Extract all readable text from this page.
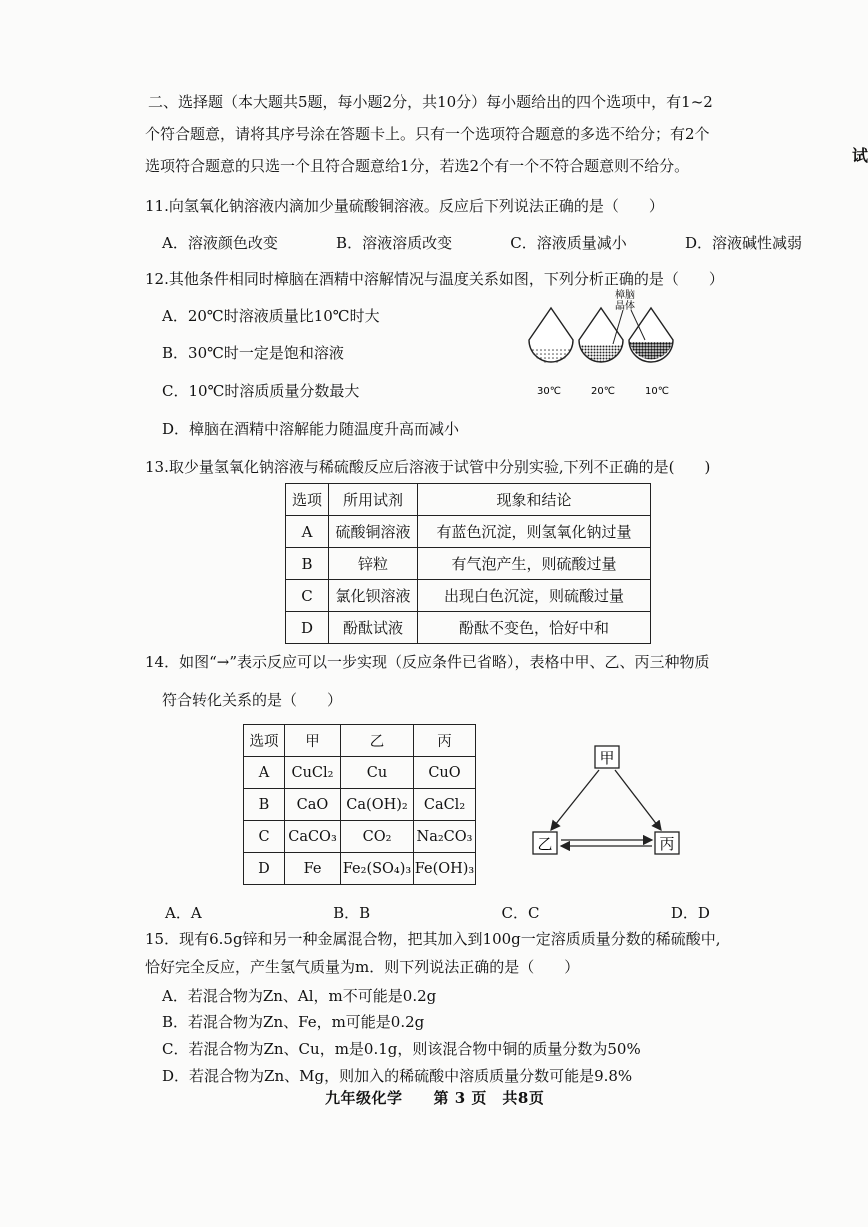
二、选择题（本大题共5题，每小题2分，共10分）每小题给出的四个选项中，有1~2
个符合题意，请将其序号涂在答题卡上。只有一个选项符合题意的多选不给分；有2个
选项符合题意的只选一个且符合题意给1分，若选2个有一个不符合题意则不给分。
试
11.向氢氧化钠溶液内滴加少量硫酸铜溶液。反应后下列说法正确的是（　　）
A．溶液颜色改变	B．溶液溶质改变	C．溶液质量减小	D．溶液碱性减弱
12.其他条件相同时樟脑在酒精中溶解情况与温度关系如图，下列分析正确的是（　　）
A．20℃时溶液质量比10℃时大
B．30℃时一定是饱和溶液
C．10℃时溶质质量分数最大
D．樟脑在酒精中溶解能力随温度升高而减小
樟脑
晶体
30℃	20℃	10℃
13.取少量氢氧化钠溶液与稀硫酸反应后溶液于试管中分别实验,下列不正确的是(　　)
选项	所用试剂	现象和结论
A	硫酸铜溶液	有蓝色沉淀，则氢氧化钠过量
B	锌粒	有气泡产生，则硫酸过量
C	氯化钡溶液	出现白色沉淀，则硫酸过量
D	酚酞试液	酚酞不变色，恰好中和
14．如图“→”表示反应可以一步实现（反应条件已省略），表格中甲、乙、丙三种物质
符合转化关系的是（　　）
选项	甲	乙	丙
A	CuCl₂	Cu	CuO
B	CaO	Ca(OH)₂	CaCl₂
C	CaCO₃	CO₂	Na₂CO₃
D	Fe	Fe₂(SO₄)₃	Fe(OH)₃
甲
乙	丙
A．A	B．B	C．C	D．D
15．现有6.5g锌和另一种金属混合物，把其加入到100g一定溶质质量分数的稀硫酸中,
恰好完全反应，产生氢气质量为m．则下列说法正确的是（　　）
A．若混合物为Zn、Al，m不可能是0.2g
B．若混合物为Zn、Fe，m可能是0.2g
C．若混合物为Zn、Cu，m是0.1g，则该混合物中铜的质量分数为50%
D．若混合物为Zn、Mg，则加入的稀硫酸中溶质质量分数可能是9.8%
九年级化学　　第 3 页　共8页
